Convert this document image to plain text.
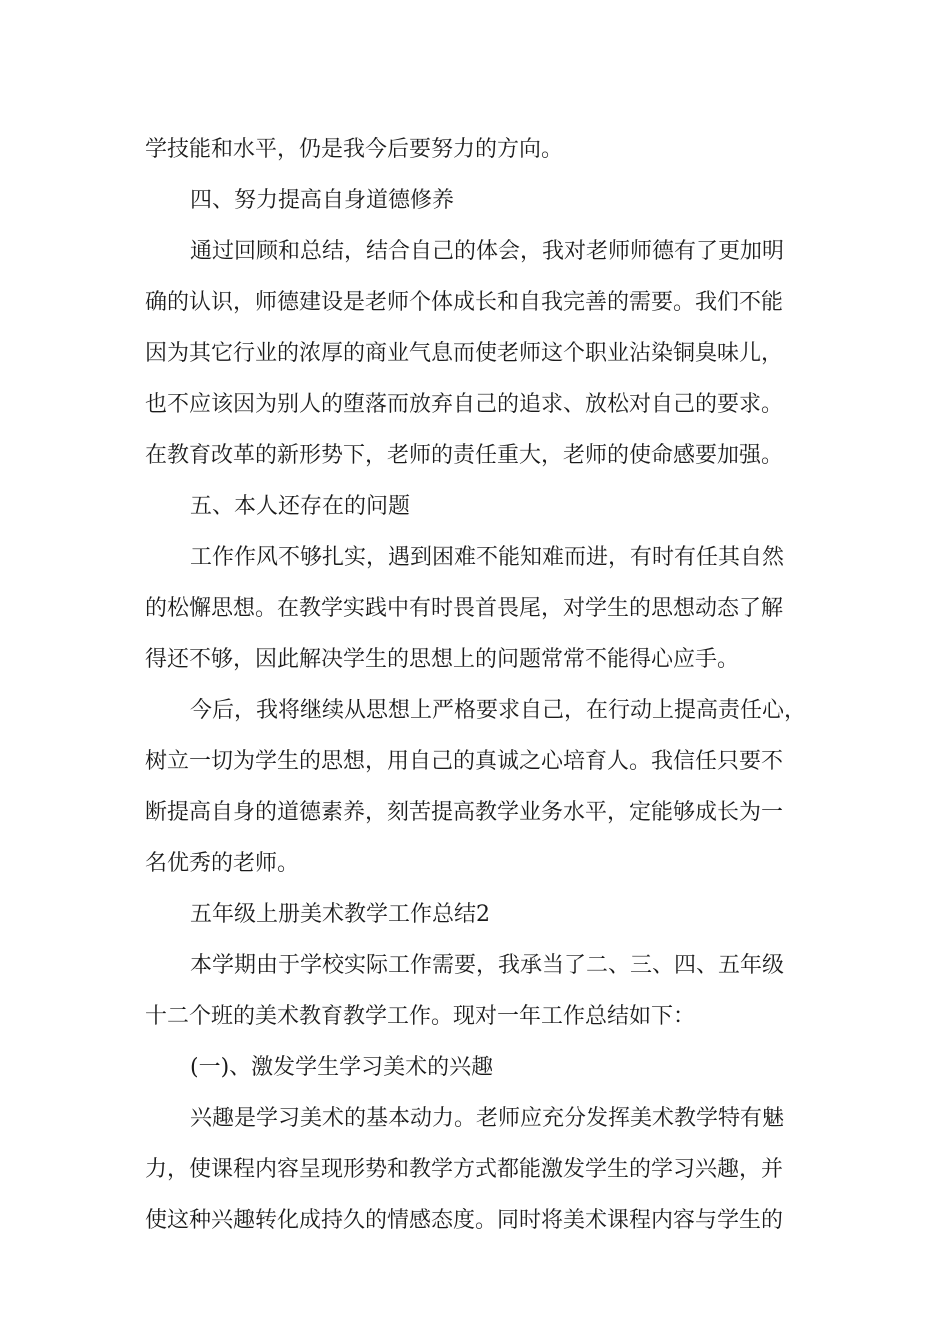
学技能和水平，仍是我今后要努力的方向。
四、努力提高自身道德修养
通过回顾和总结，结合自己的体会，我对老师师德有了更加明
确的认识，师德建设是老师个体成长和自我完善的需要。我们不能
因为其它行业的浓厚的商业气息而使老师这个职业沾染铜臭味儿，
也不应该因为别人的堕落而放弃自己的追求、放松对自己的要求。
在教育改革的新形势下，老师的责任重大，老师的使命感要加强。
五、本人还存在的问题
工作作风不够扎实，遇到困难不能知难而进，有时有任其自然
的松懈思想。在教学实践中有时畏首畏尾，对学生的思想动态了解
得还不够，因此解决学生的思想上的问题常常不能得心应手。
今后，我将继续从思想上严格要求自己，在行动上提高责任心，
树立一切为学生的思想，用自己的真诚之心培育人。我信任只要不
断提高自身的道德素养，刻苦提高教学业务水平，定能够成长为一
名优秀的老师。
五年级上册美术教学工作总结2
本学期由于学校实际工作需要，我承当了二、三、四、五年级
十二个班的美术教育教学工作。现对一年工作总结如下：
(一)、激发学生学习美术的兴趣
兴趣是学习美术的基本动力。老师应充分发挥美术教学特有魅
力，使课程内容呈现形势和教学方式都能激发学生的学习兴趣，并
使这种兴趣转化成持久的情感态度。同时将美术课程内容与学生的
